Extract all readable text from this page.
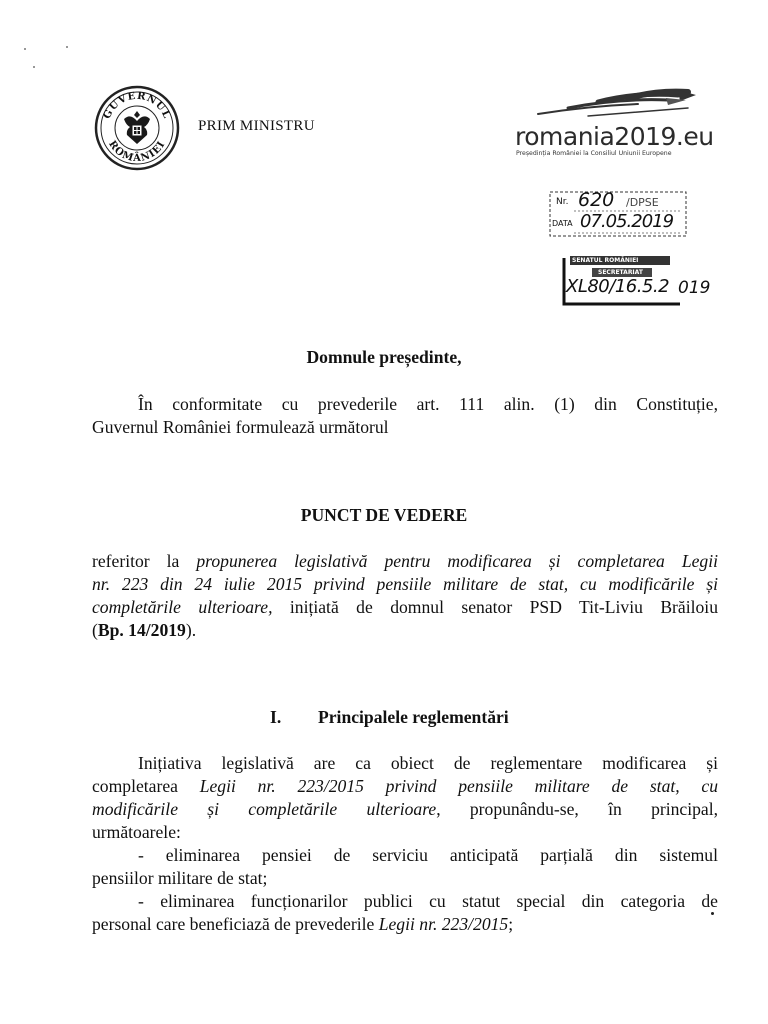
GUVERNUL
ROMÂNIEI
PRIM MINISTRU	romania2019.eu
Președinția României la Consiliul Uniunii Europene
Nr. 620 /DPSE
DATA 07.05.2019
SENATUL ROMÂNIEI
SECRETARIAT
XL80/16.5.2 019
Domnule președinte,
În conformitate cu prevederile art. 111 alin. (1) din Constituție,
Guvernul României formulează următorul
PUNCT DE VEDERE
referitor la propunerea legislativă pentru modificarea și completarea Legii
nr. 223 din 24 iulie 2015 privind pensiile militare de stat, cu modificările și
completările ulterioare, inițiată de domnul senator PSD Tit-Liviu Brăiloiu
(Bp. 14/2019).
I. Principalele reglementări
Inițiativa legislativă are ca obiect de reglementare modificarea și
completarea Legii nr. 223/2015 privind pensiile militare de stat, cu
modificările și completările ulterioare, propunându-se, în principal,
următoarele:
- eliminarea pensiei de serviciu anticipată parțială din sistemul
pensiilor militare de stat;
- eliminarea funcționarilor publici cu statut special din categoria de
personal care beneficiază de prevederile Legii nr. 223/2015;
